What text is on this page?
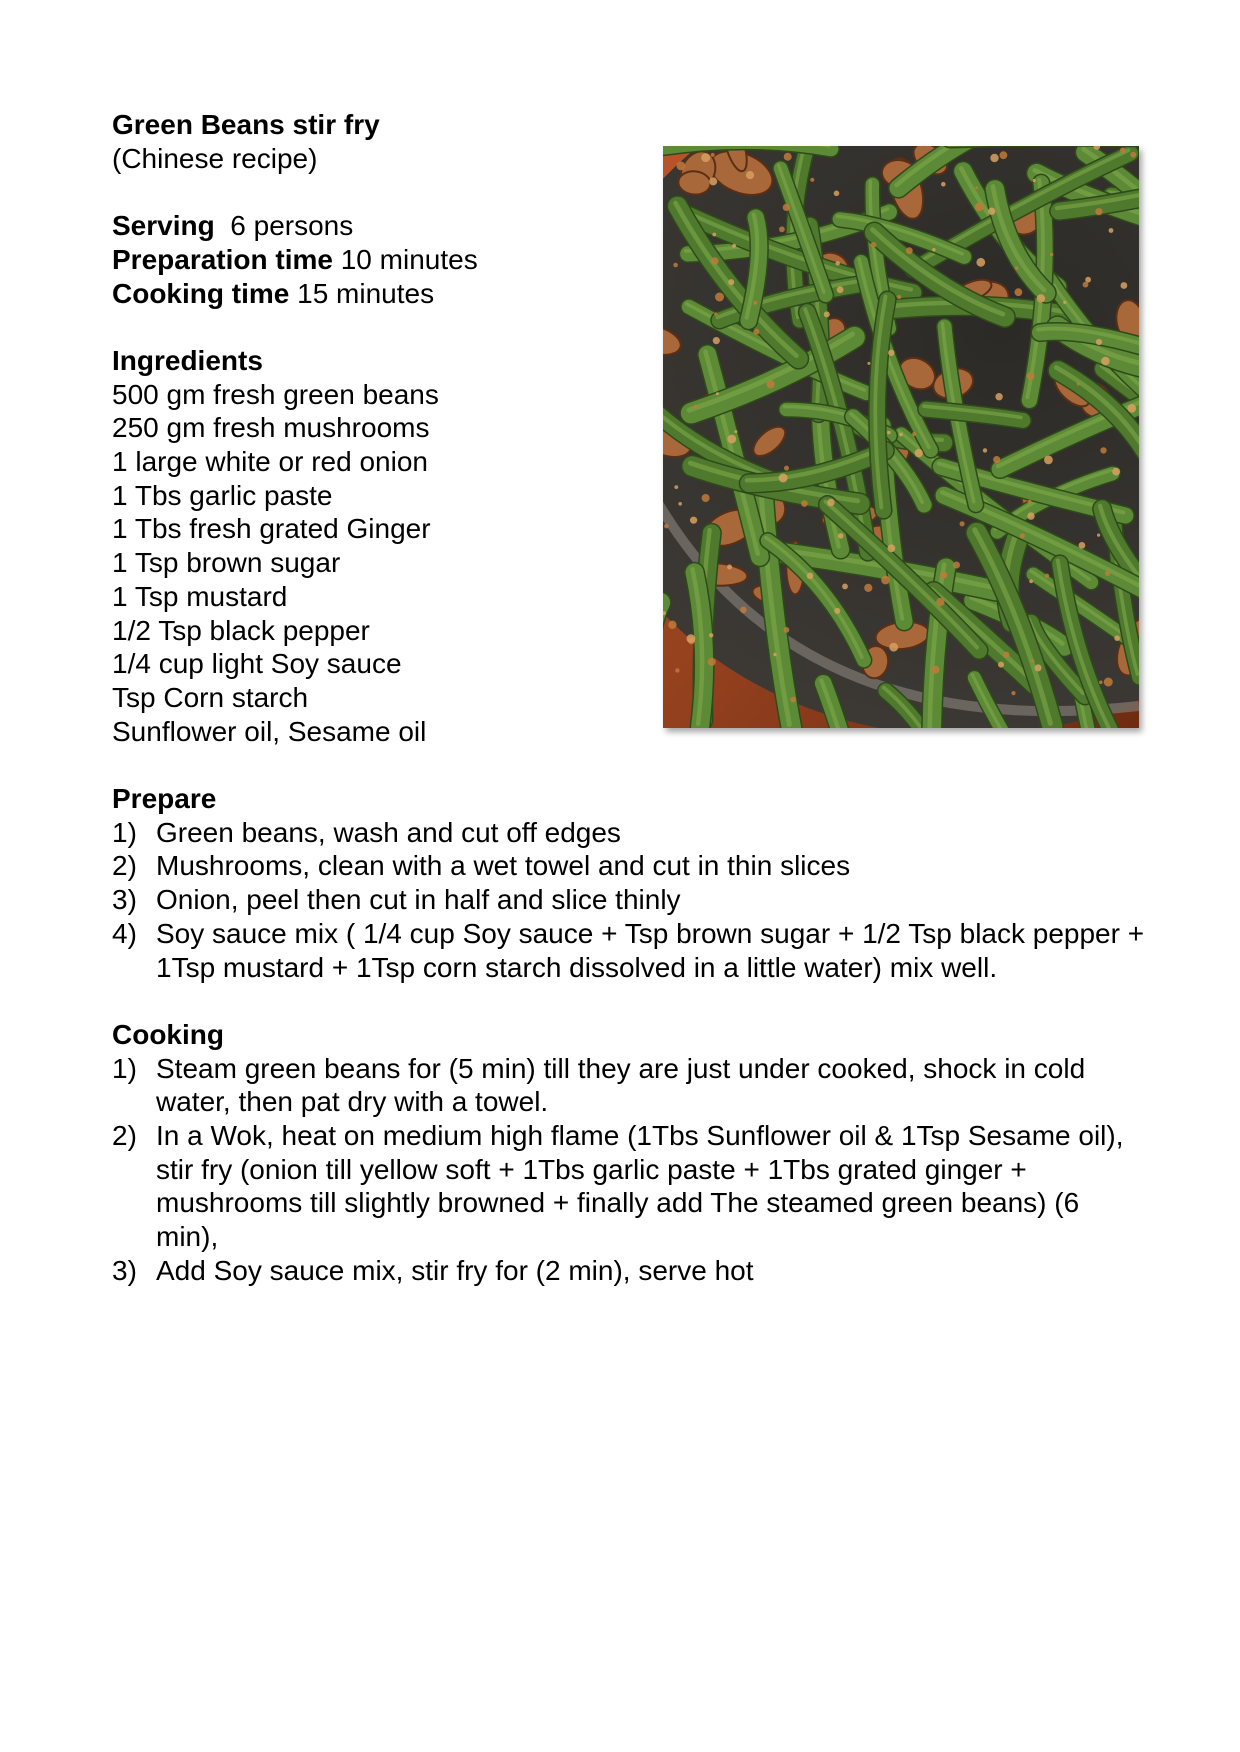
Green Beans stir fry
(Chinese recipe)
Serving 6 persons
Preparation time 10 minutes
Cooking time 15 minutes
Ingredients
500 gm fresh green beans
250 gm fresh mushrooms
1 large white or red onion
1 Tbs garlic paste
1 Tbs fresh grated Ginger
1 Tsp brown sugar
1 Tsp mustard
1/2 Tsp black pepper
1/4 cup light Soy sauce
Tsp Corn starch
Sunflower oil, Sesame oil
Prepare
1) Green beans, wash and cut off edges
2) Mushrooms, clean with a wet towel and cut in thin slices
3) Onion, peel then cut in half and slice thinly
4) Soy sauce mix ( 1/4 cup Soy sauce + Tsp brown sugar + 1/2 Tsp black pepper +
1Tsp mustard + 1Tsp corn starch dissolved in a little water) mix well.
Cooking
1) Steam green beans for (5 min) till they are just under cooked, shock in cold
water, then pat dry with a towel.
2) In a Wok, heat on medium high flame (1Tbs Sunflower oil & 1Tsp Sesame oil),
stir fry (onion till yellow soft + 1Tbs garlic paste + 1Tbs grated ginger +
mushrooms till slightly browned + finally add The steamed green beans) (6
min),
3) Add Soy sauce mix, stir fry for (2 min), serve hot
